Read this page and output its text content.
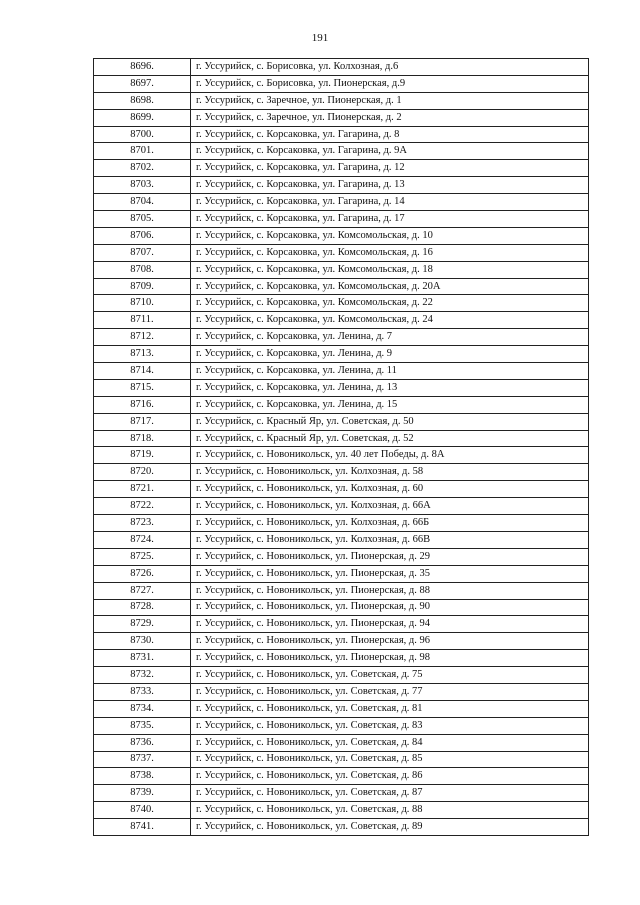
191
8696.	г. Уссурийск, с. Борисовка, ул. Колхозная, д.6
8697.	г. Уссурийск, с. Борисовка, ул. Пионерская, д.9
8698.	г. Уссурийск, с. Заречное, ул. Пионерская, д. 1
8699.	г. Уссурийск, с. Заречное, ул. Пионерская, д. 2
8700.	г. Уссурийск, с. Корсаковка, ул. Гагарина, д. 8
8701.	г. Уссурийск, с. Корсаковка, ул. Гагарина, д. 9А
8702.	г. Уссурийск, с. Корсаковка, ул. Гагарина, д. 12
8703.	г. Уссурийск, с. Корсаковка, ул. Гагарина, д. 13
8704.	г. Уссурийск, с. Корсаковка, ул. Гагарина, д. 14
8705.	г. Уссурийск, с. Корсаковка, ул. Гагарина, д. 17
8706.	г. Уссурийск, с. Корсаковка, ул. Комсомольская, д. 10
8707.	г. Уссурийск, с. Корсаковка, ул. Комсомольская, д. 16
8708.	г. Уссурийск, с. Корсаковка, ул. Комсомольская, д. 18
8709.	г. Уссурийск, с. Корсаковка, ул. Комсомольская, д. 20А
8710.	г. Уссурийск, с. Корсаковка, ул. Комсомольская, д. 22
8711.	г. Уссурийск, с. Корсаковка, ул. Комсомольская, д. 24
8712.	г. Уссурийск, с. Корсаковка, ул. Ленина, д. 7
8713.	г. Уссурийск, с. Корсаковка, ул. Ленина, д. 9
8714.	г. Уссурийск, с. Корсаковка, ул. Ленина, д. 11
8715.	г. Уссурийск, с. Корсаковка, ул. Ленина, д. 13
8716.	г. Уссурийск, с. Корсаковка, ул. Ленина, д. 15
8717.	г. Уссурийск, с. Красный Яр, ул. Советская, д. 50
8718.	г. Уссурийск, с. Красный Яр, ул. Советская, д. 52
8719.	г. Уссурийск, с. Новоникольск, ул. 40 лет Победы, д. 8А
8720.	г. Уссурийск, с. Новоникольск, ул. Колхозная, д. 58
8721.	г. Уссурийск, с. Новоникольск, ул. Колхозная, д. 60
8722.	г. Уссурийск, с. Новоникольск, ул. Колхозная, д. 66А
8723.	г. Уссурийск, с. Новоникольск, ул. Колхозная, д. 66Б
8724.	г. Уссурийск, с. Новоникольск, ул. Колхозная, д. 66В
8725.	г. Уссурийск, с. Новоникольск, ул. Пионерская, д. 29
8726.	г. Уссурийск, с. Новоникольск, ул. Пионерская, д. 35
8727.	г. Уссурийск, с. Новоникольск, ул. Пионерская, д. 88
8728.	г. Уссурийск, с. Новоникольск, ул. Пионерская, д. 90
8729.	г. Уссурийск, с. Новоникольск, ул. Пионерская, д. 94
8730.	г. Уссурийск, с. Новоникольск, ул. Пионерская, д. 96
8731.	г. Уссурийск, с. Новоникольск, ул. Пионерская, д. 98
8732.	г. Уссурийск, с. Новоникольск, ул. Советская, д. 75
8733.	г. Уссурийск, с. Новоникольск, ул. Советская, д. 77
8734.	г. Уссурийск, с. Новоникольск, ул. Советская, д. 81
8735.	г. Уссурийск, с. Новоникольск, ул. Советская, д. 83
8736.	г. Уссурийск, с. Новоникольск, ул. Советская, д. 84
8737.	г. Уссурийск, с. Новоникольск, ул. Советская, д. 85
8738.	г. Уссурийск, с. Новоникольск, ул. Советская, д. 86
8739.	г. Уссурийск, с. Новоникольск, ул. Советская, д. 87
8740.	г. Уссурийск, с. Новоникольск, ул. Советская, д. 88
8741.	г. Уссурийск, с. Новоникольск, ул. Советская, д. 89
